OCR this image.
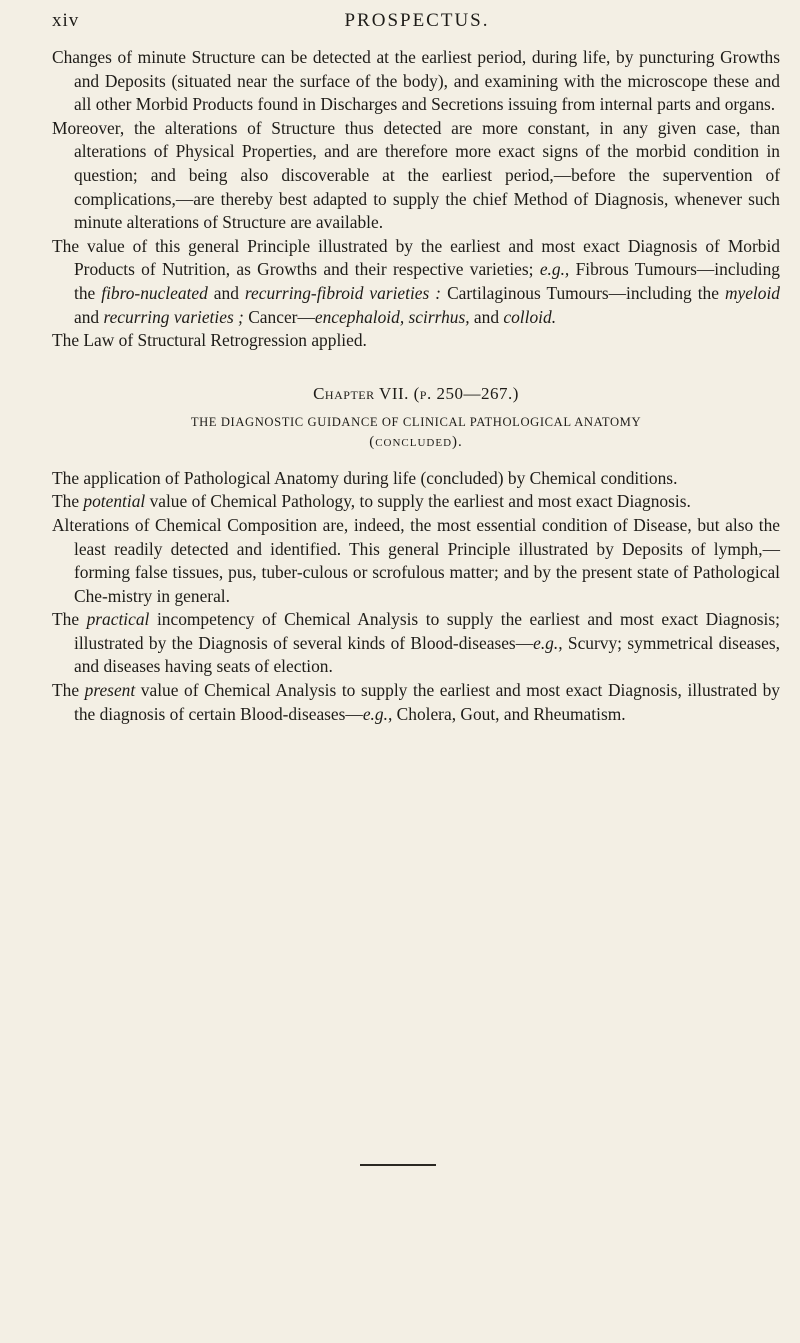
xiv	PROSPECTUS.

Changes of minute Structure can be detected at the earliest period, during life, by puncturing Growths and Deposits (situated near the surface of the body), and examining with the microscope these and all other Morbid Products found in Discharges and Secretions issuing from internal parts and organs.

Moreover, the alterations of Structure thus detected are more constant, in any given case, than alterations of Physical Properties, and are therefore more exact signs of the morbid condition in question; and being also discoverable at the earliest period,—before the supervention of complications,—are thereby best adapted to supply the chief Method of Diagnosis, whenever such minute alterations of Structure are available.

The value of this general Principle illustrated by the earliest and most exact Diagnosis of Morbid Products of Nutrition, as Growths and their respective varieties; e.g., Fibrous Tumours—including the fibro-nucleated and recurring-fibroid varieties : Cartilaginous Tumours—including the myeloid and recurring varieties ; Cancer—encephaloid, scirrhus, and colloid.

The Law of Structural Retrogression applied.

Chapter VII. (p. 250—267.)
THE DIAGNOSTIC GUIDANCE OF CLINICAL PATHOLOGICAL ANATOMY
(concluded).

The application of Pathological Anatomy during life (concluded) by Chemical conditions.

The potential value of Chemical Pathology, to supply the earliest and most exact Diagnosis.

Alterations of Chemical Composition are, indeed, the most essential condition of Disease, but also the least readily detected and identified. This general Principle illustrated by Deposits of lymph,—forming false tissues, pus, tuber-culous or scrofulous matter; and by the present state of Pathological Che-mistry in general.

The practical incompetency of Chemical Analysis to supply the earliest and most exact Diagnosis; illustrated by the Diagnosis of several kinds of Blood-diseases—e.g., Scurvy; symmetrical diseases, and diseases having seats of election.

The present value of Chemical Analysis to supply the earliest and most exact Diagnosis, illustrated by the diagnosis of certain Blood-diseases—e.g., Cholera, Gout, and Rheumatism.
